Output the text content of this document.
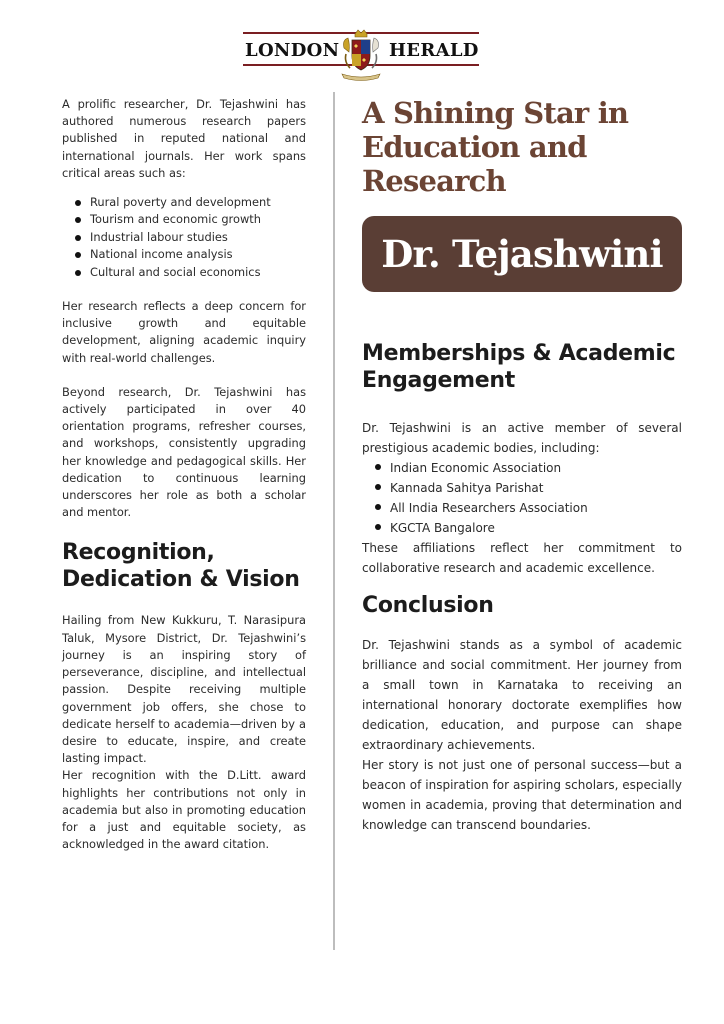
LONDON	HERALD

A prolific researcher, Dr. Tejashwini has authored numerous research papers published in reputed national and international journals. Her work spans critical areas such as:

Rural poverty and development
Tourism and economic growth
Industrial labour studies
National income analysis
Cultural and social economics

Her research reflects a deep concern for inclusive growth and equitable development, aligning academic inquiry with real-world challenges.

Beyond research, Dr. Tejashwini has actively participated in over 40 orientation programs, refresher courses, and workshops, consistently upgrading her knowledge and pedagogical skills. Her dedication to continuous learning underscores her role as both a scholar and mentor.

Recognition, Dedication & Vision

Hailing from New Kukkuru, T. Narasipura Taluk, Mysore District, Dr. Tejashwini’s journey is an inspiring story of perseverance, discipline, and intellectual passion. Despite receiving multiple government job offers, she chose to dedicate herself to academia—driven by a desire to educate, inspire, and create lasting impact.

Her recognition with the D.Litt. award highlights her contributions not only in academia but also in promoting education for a just and equitable society, as acknowledged in the award citation.

A Shining Star in Education and Research
Dr. Tejashwini
Memberships & Academic Engagement

Dr. Tejashwini is an active member of several prestigious academic bodies, including:

Indian Economic Association
Kannada Sahitya Parishat
All India Researchers Association
KGCTA Bangalore

These affiliations reflect her commitment to collaborative research and academic excellence.

Conclusion

Dr. Tejashwini stands as a symbol of academic brilliance and social commitment. Her journey from a small town in Karnataka to receiving an international honorary doctorate exemplifies how dedication, education, and purpose can shape extraordinary achievements.

Her story is not just one of personal success—but a beacon of inspiration for aspiring scholars, especially women in academia, proving that determination and knowledge can transcend boundaries.
